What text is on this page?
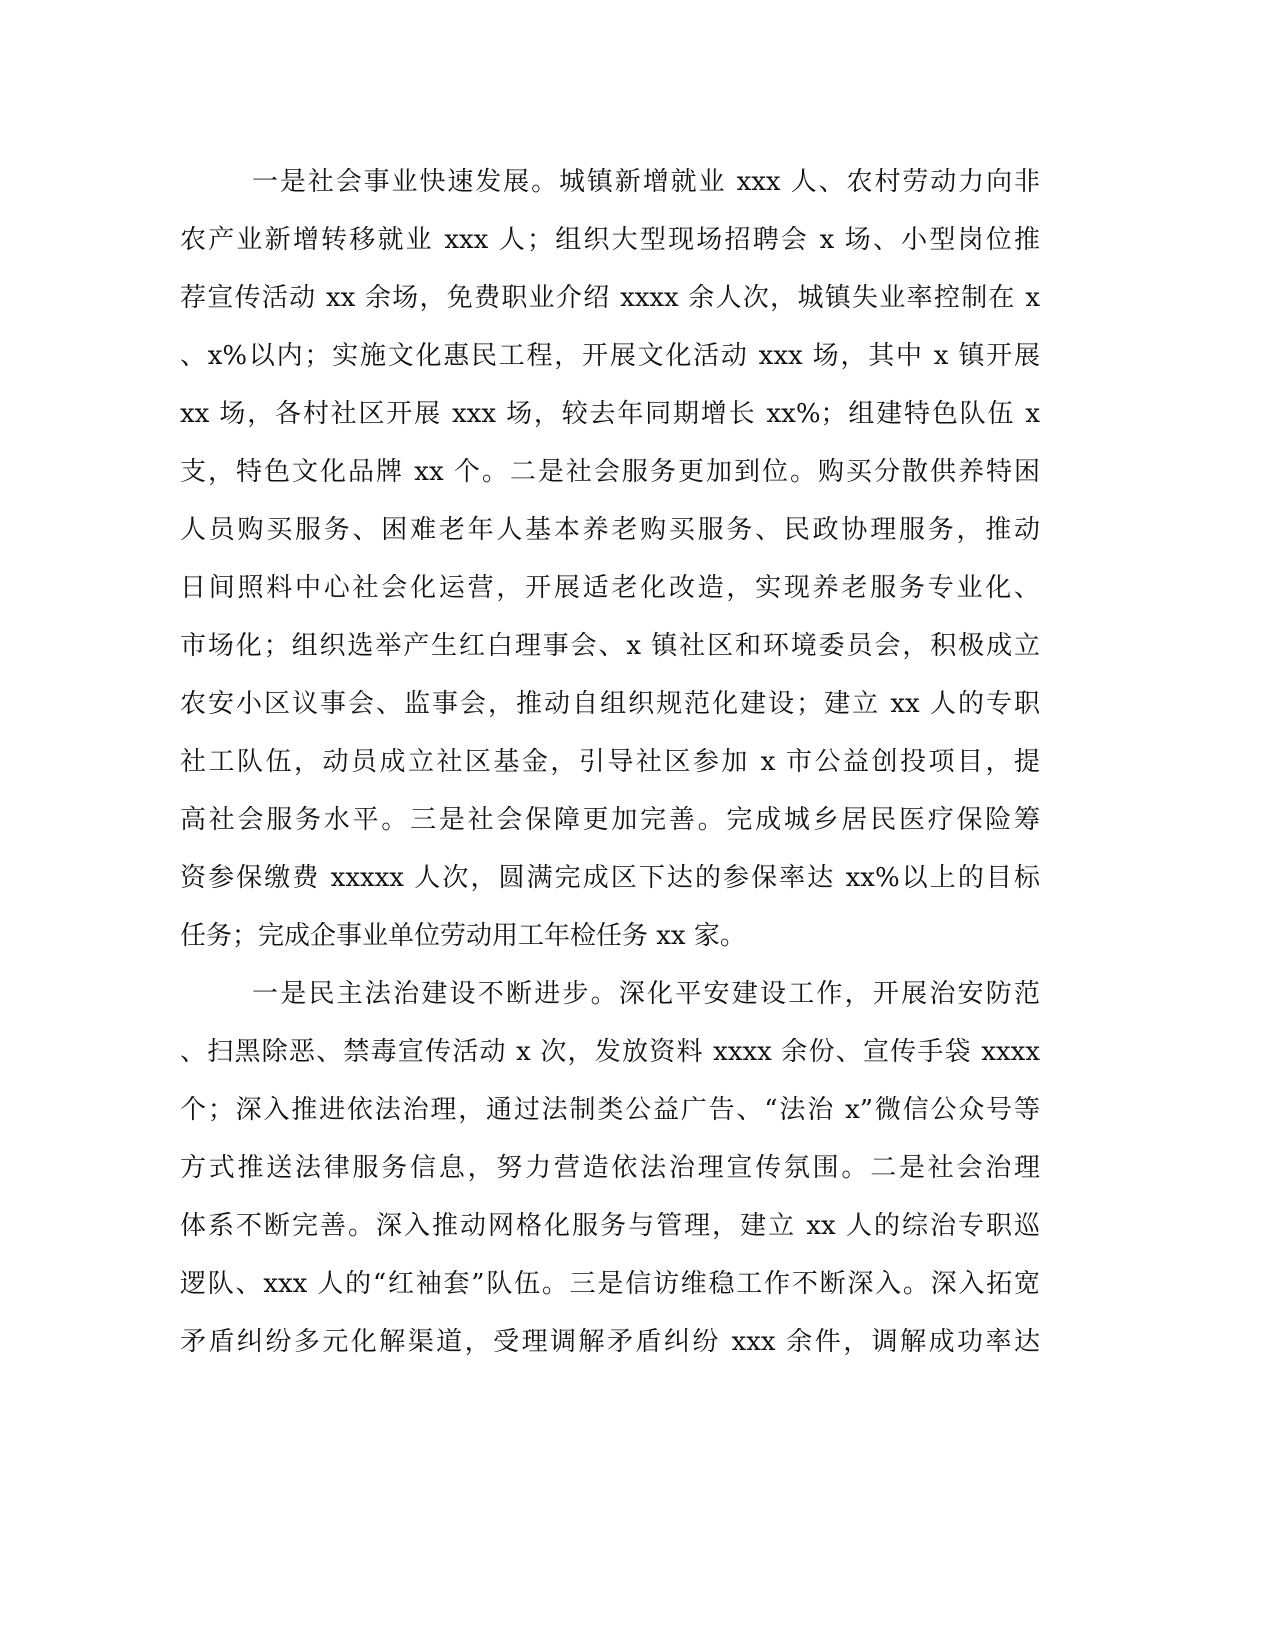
一是社会事业快速发展。城镇新增就业 xxx 人、农村劳动力向非
农产业新增转移就业 xxx 人；组织大型现场招聘会 x 场、小型岗位推
荐宣传活动 xx 余场，免费职业介绍 xxxx 余人次，城镇失业率控制在 x
、x%以内；实施文化惠民工程，开展文化活动 xxx 场，其中 x 镇开展
xx 场，各村社区开展 xxx 场，较去年同期增长 xx%；组建特色队伍 x
支，特色文化品牌 xx 个。二是社会服务更加到位。购买分散供养特困
人员购买服务、困难老年人基本养老购买服务、民政协理服务，推动
日间照料中心社会化运营，开展适老化改造，实现养老服务专业化、
市场化；组织选举产生红白理事会、x 镇社区和环境委员会，积极成立
农安小区议事会、监事会，推动自组织规范化建设；建立 xx 人的专职
社工队伍，动员成立社区基金，引导社区参加 x 市公益创投项目，提
高社会服务水平。三是社会保障更加完善。完成城乡居民医疗保险筹
资参保缴费 xxxxx 人次，圆满完成区下达的参保率达 xx%以上的目标
任务；完成企事业单位劳动用工年检任务 xx 家。
一是民主法治建设不断进步。深化平安建设工作，开展治安防范
、扫黑除恶、禁毒宣传活动 x 次，发放资料 xxxx 余份、宣传手袋 xxxx
个；深入推进依法治理，通过法制类公益广告、“法治 x”微信公众号等
方式推送法律服务信息，努力营造依法治理宣传氛围。二是社会治理
体系不断完善。深入推动网格化服务与管理，建立 xx 人的综治专职巡
逻队、xxx 人的“红袖套”队伍。三是信访维稳工作不断深入。深入拓宽
矛盾纠纷多元化解渠道，受理调解矛盾纠纷 xxx 余件，调解成功率达
